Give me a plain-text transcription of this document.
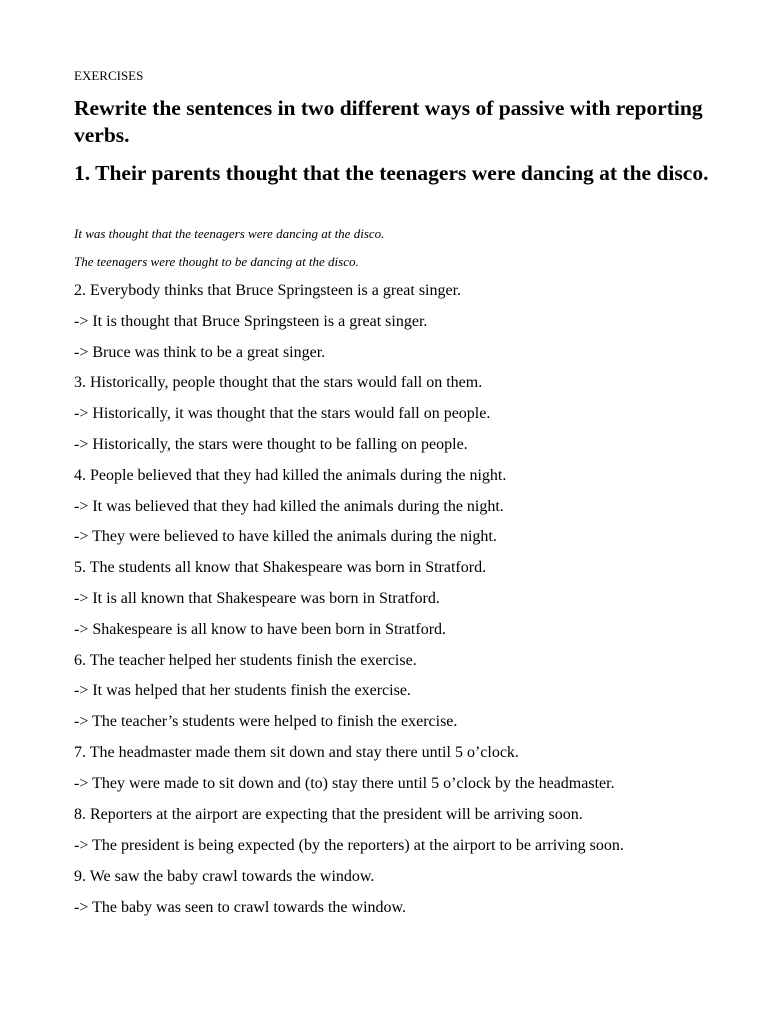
EXERCISES
Rewrite the sentences in two different ways of passive with reporting verbs.
1. Their parents thought that the teenagers were dancing at the disco.
It was thought that the teenagers were dancing at the disco.
The teenagers were thought to be dancing at the disco.
2. Everybody thinks that Bruce Springsteen is a great singer.
-> It is thought that Bruce Springsteen is a great singer.
-> Bruce was think to be a great singer.
3. Historically, people thought that the stars would fall on them.
-> Historically, it was thought that the stars would fall on people.
-> Historically, the stars were thought to be falling on people.
4. People believed that they had killed the animals during the night.
-> It was believed that they had killed the animals during the night.
-> They were believed to have killed the animals during the night.
5. The students all know that Shakespeare was born in Stratford.
-> It is all known that Shakespeare was born in Stratford.
-> Shakespeare is all know to have been born in Stratford.
6. The teacher helped her students finish the exercise.
-> It was helped that her students finish the exercise.
-> The teacher’s students were helped to finish the exercise.
7. The headmaster made them sit down and stay there until 5 o’clock.
-> They were made to sit down and (to) stay there until 5 o’clock by the headmaster.
8. Reporters at the airport are expecting that the president will be arriving soon.
-> The president is being expected (by the reporters) at the airport to be arriving soon.
9. We saw the baby crawl towards the window.
-> The baby was seen to crawl towards the window.
